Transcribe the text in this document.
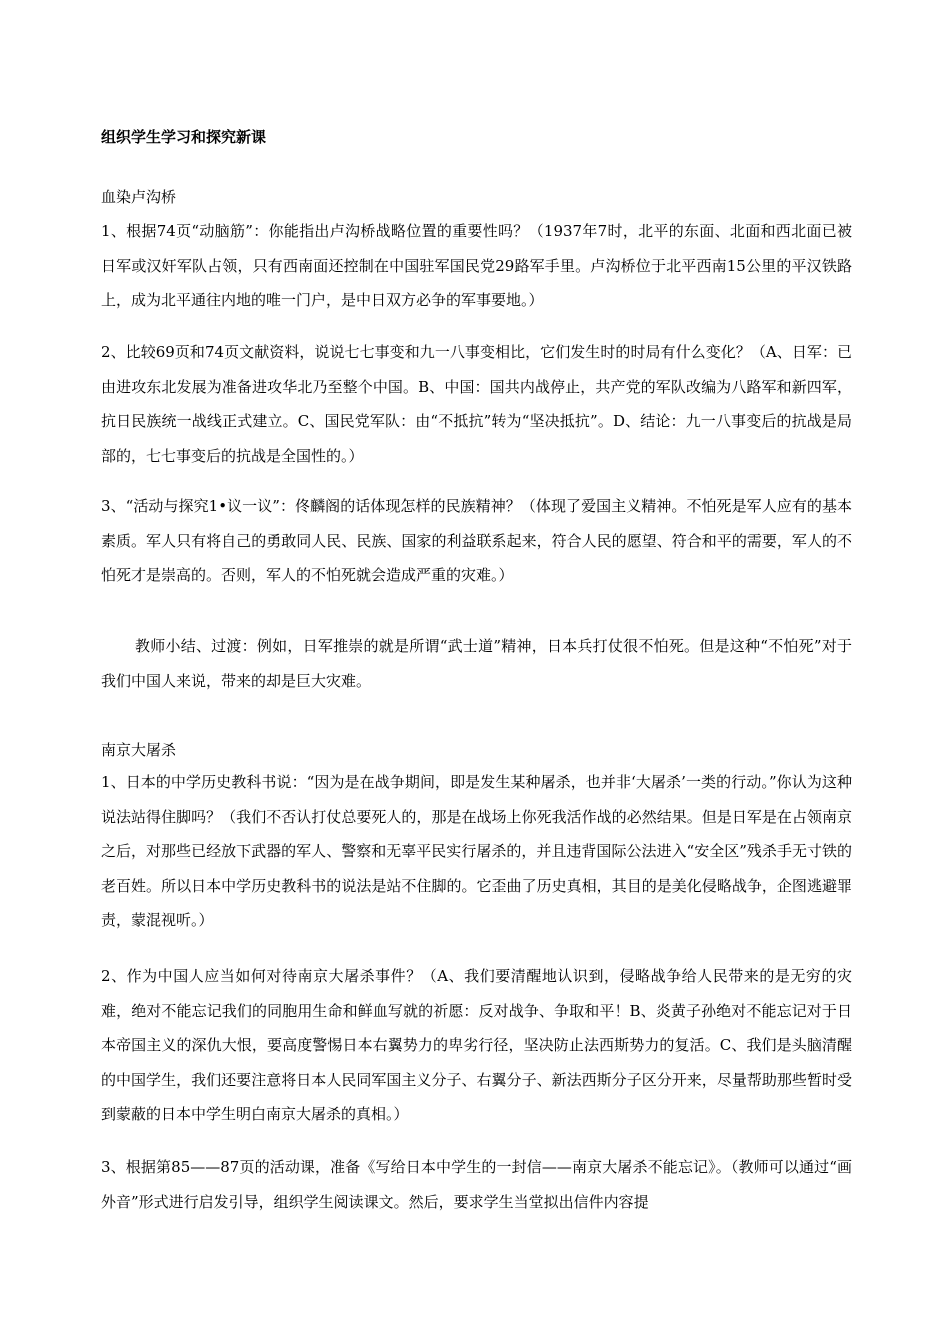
组织学生学习和探究新课
血染卢沟桥

1、根据74页“动脑筋”：你能指出卢沟桥战略位置的重要性吗？（1937年7时，北平的东面、北面和西北面已被日军或汉奸军队占领，只有西南面还控制在中国驻军国民党29路军手里。卢沟桥位于北平西南15公里的平汉铁路上，成为北平通往内地的唯一门户，是中日双方必争的军事要地。）

2、比较69页和74页文献资料，说说七七事变和九一八事变相比，它们发生时的时局有什么变化？（A、日军：已由进攻东北发展为准备进攻华北乃至整个中国。B、中国：国共内战停止，共产党的军队改编为八路军和新四军，抗日民族统一战线正式建立。C、国民党军队：由“不抵抗”转为“坚决抵抗”。D、结论：九一八事变后的抗战是局部的，七七事变后的抗战是全国性的。）

3、“活动与探究1•议一议”：佟麟阁的话体现怎样的民族精神？（体现了爱国主义精神。不怕死是军人应有的基本素质。军人只有将自己的勇敢同人民、民族、国家的利益联系起来，符合人民的愿望、符合和平的需要，军人的不怕死才是崇高的。否则，军人的不怕死就会造成严重的灾难。）

教师小结、过渡：例如，日军推崇的就是所谓“武士道”精神，日本兵打仗很不怕死。但是这种“不怕死”对于我们中国人来说，带来的却是巨大灾难。

南京大屠杀

1、日本的中学历史教科书说：“因为是在战争期间，即是发生某种屠杀，也并非‘大屠杀’一类的行动。”你认为这种说法站得住脚吗？（我们不否认打仗总要死人的，那是在战场上你死我活作战的必然结果。但是日军是在占领南京之后，对那些已经放下武器的军人、警察和无辜平民实行屠杀的，并且违背国际公法进入“安全区”残杀手无寸铁的老百姓。所以日本中学历史教科书的说法是站不住脚的。它歪曲了历史真相，其目的是美化侵略战争，企图逃避罪责，蒙混视听。）

2、作为中国人应当如何对待南京大屠杀事件？（A、我们要清醒地认识到，侵略战争给人民带来的是无穷的灾难，绝对不能忘记我们的同胞用生命和鲜血写就的祈愿：反对战争、争取和平！B、炎黄子孙绝对不能忘记对于日本帝国主义的深仇大恨，要高度警惕日本右翼势力的卑劣行径，坚决防止法西斯势力的复活。C、我们是头脑清醒的中国学生，我们还要注意将日本人民同军国主义分子、右翼分子、新法西斯分子区分开来，尽量帮助那些暂时受到蒙蔽的日本中学生明白南京大屠杀的真相。）

3、根据第85——87页的活动课，准备《写给日本中学生的一封信——南京大屠杀不能忘记》。（教师可以通过“画外音”形式进行启发引导，组织学生阅读课文。然后，要求学生当堂拟出信件内容提
